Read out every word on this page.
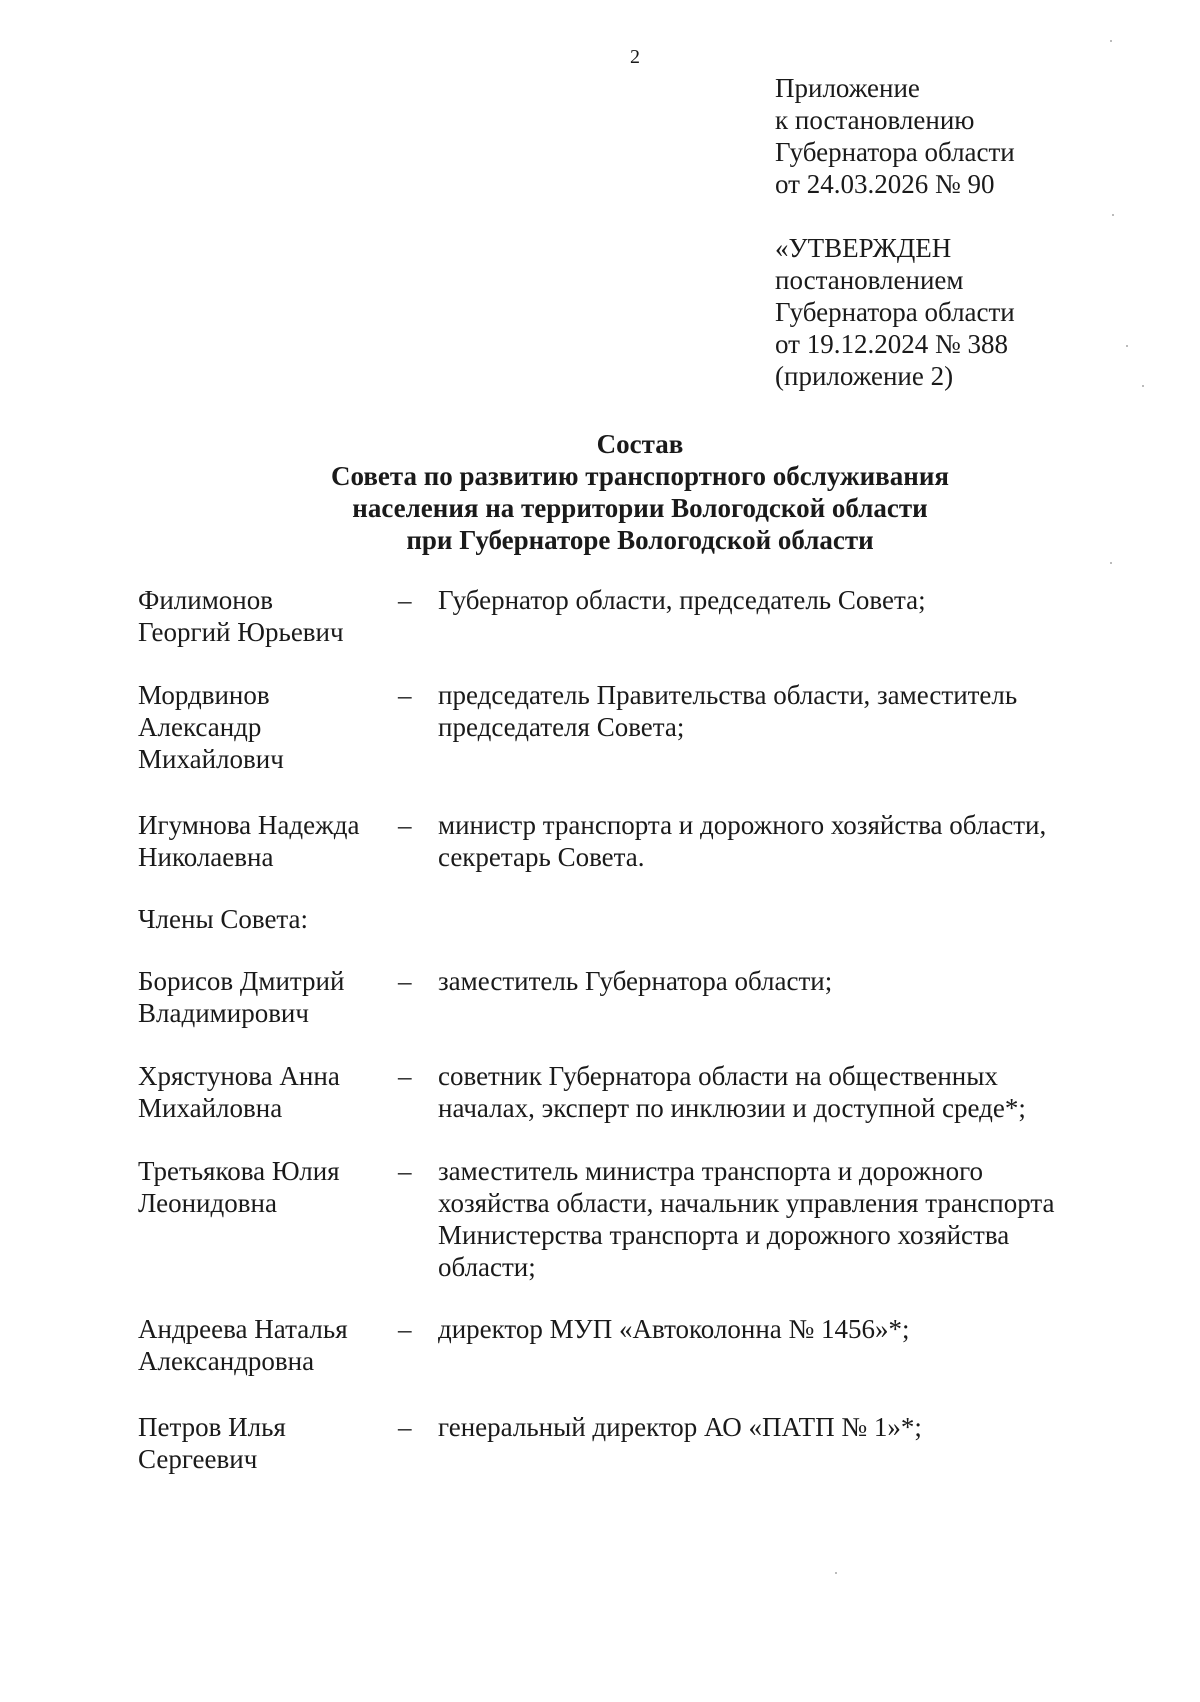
2
Приложение
к постановлению
Губернатора области
от 24.03.2026 № 90
«УТВЕРЖДЕН
постановлением
Губернатора области
от 19.12.2024 № 388
(приложение 2)
Состав
Совета по развитию транспортного обслуживания
населения на территории Вологодской области
при Губернаторе Вологодской области
Филимонов
Георгий Юрьевич
– Губернатор области, председатель Совета;
Мордвинов
Александр
Михайлович
– председатель Правительства области, заместитель
председателя Совета;
Игумнова Надежда
Николаевна
– министр транспорта и дорожного хозяйства области,
секретарь Совета.
Члены Совета:
Борисов Дмитрий
Владимирович
– заместитель Губернатора области;
Хрястунова Анна
Михайловна
– советник Губернатора области на общественных
началах, эксперт по инклюзии и доступной среде*;
Третьякова Юлия
Леонидовна
– заместитель министра транспорта и дорожного
хозяйства области, начальник управления транспорта
Министерства транспорта и дорожного хозяйства
области;
Андреева Наталья
Александровна
– директор МУП «Автоколонна № 1456»*;
Петров Илья
Сергеевич
– генеральный директор АО «ПАТП № 1»*;
